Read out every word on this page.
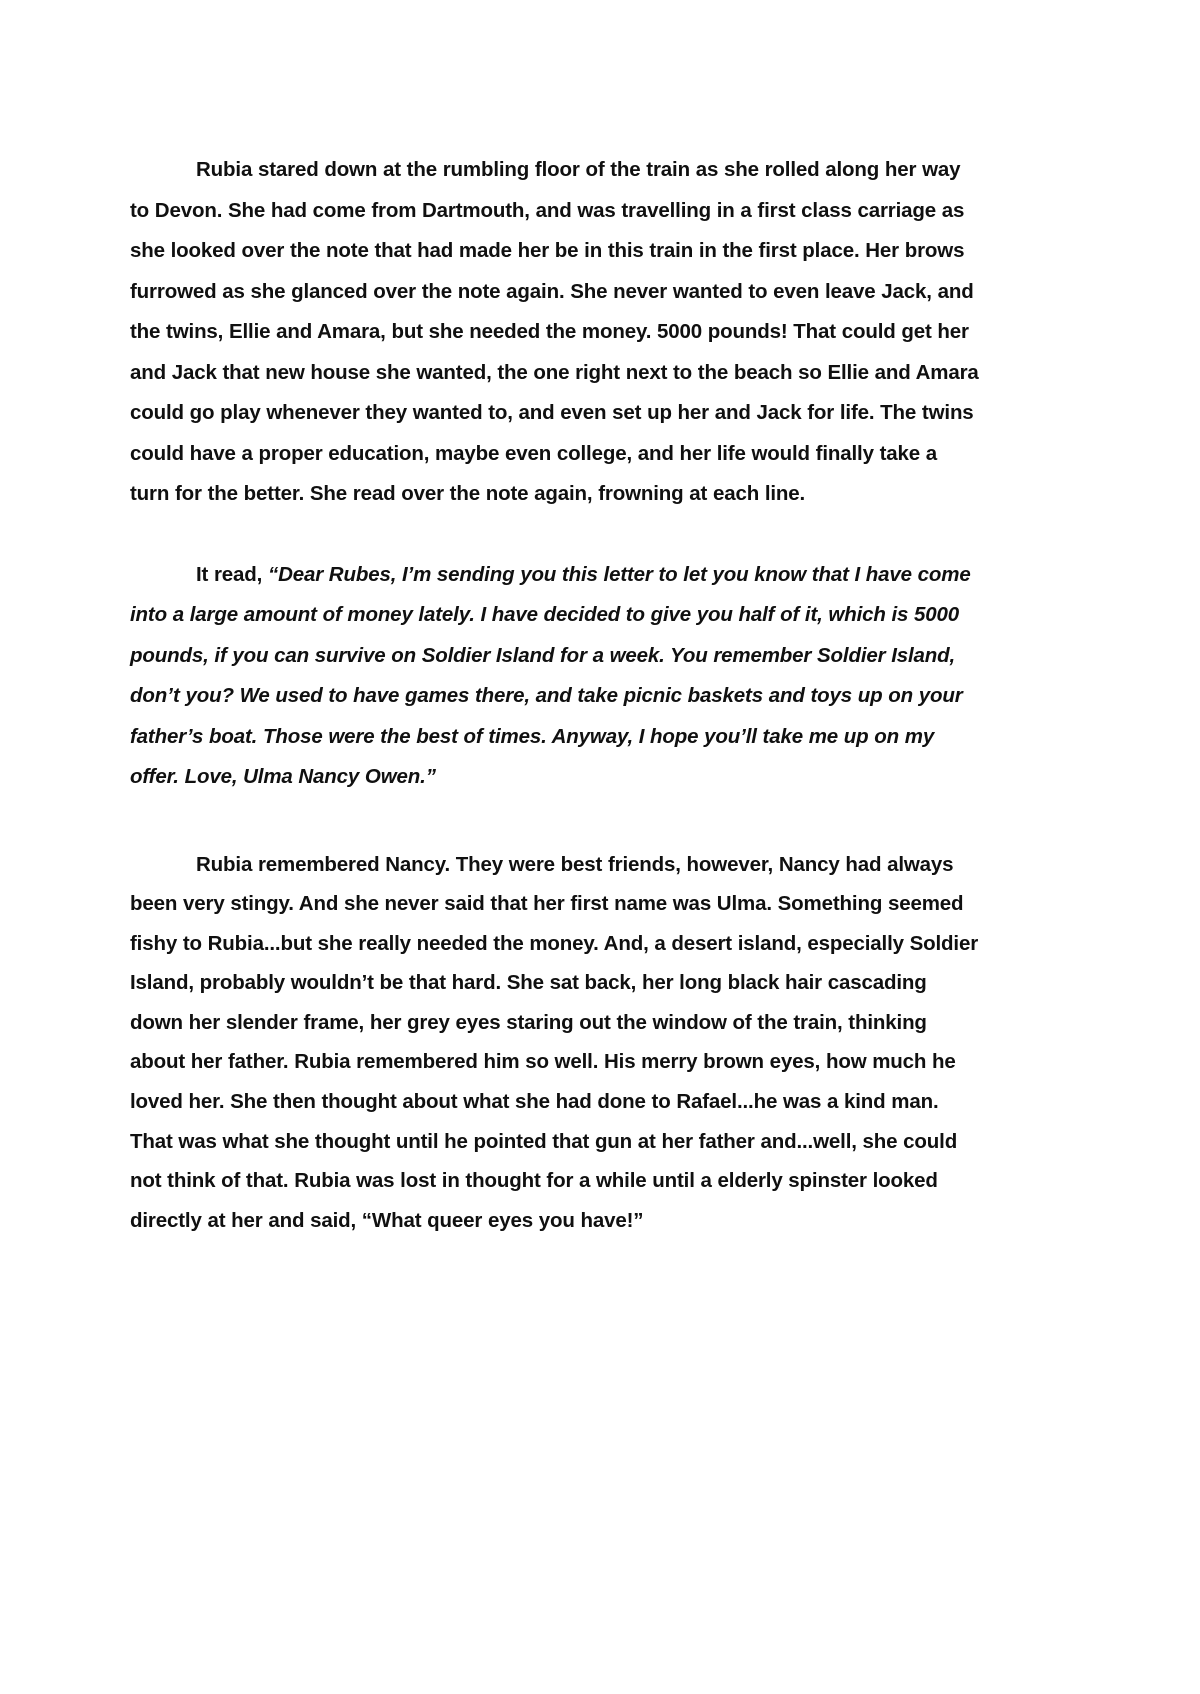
Rubia stared down at the rumbling floor of the train as she rolled along her way to Devon. She had come from Dartmouth, and was travelling in a first class carriage as she looked over the note that had made her be in this train in the first place. Her brows furrowed as she glanced over the note again. She never wanted to even leave Jack, and the twins, Ellie and Amara, but she needed the money. 5000 pounds! That could get her and Jack that new house she wanted, the one right next to the beach so Ellie and Amara could go play whenever they wanted to, and even set up her and Jack for life. The twins could have a proper education, maybe even college, and her life would finally take a turn for the better. She read over the note again, frowning at each line.

It read, “Dear Rubes, I’m sending you this letter to let you know that I have come into a large amount of money lately. I have decided to give you half of it, which is 5000 pounds, if you can survive on Soldier Island for a week. You remember Soldier Island, don’t you? We used to have games there, and take picnic baskets and toys up on your father’s boat. Those were the best of times. Anyway, I hope you’ll take me up on my offer. Love, Ulma Nancy Owen.”

Rubia remembered Nancy. They were best friends, however, Nancy had always been very stingy. And she never said that her first name was Ulma. Something seemed fishy to Rubia...but she really needed the money. And, a desert island, especially Soldier Island, probably wouldn’t be that hard. She sat back, her long black hair cascading down her slender frame, her grey eyes staring out the window of the train, thinking about her father. Rubia remembered him so well. His merry brown eyes, how much he loved her. She then thought about what she had done to Rafael...he was a kind man. That was what she thought until he pointed that gun at her father and...well, she could not think of that. Rubia was lost in thought for a while until a elderly spinster looked directly at her and said, “What queer eyes you have!”
